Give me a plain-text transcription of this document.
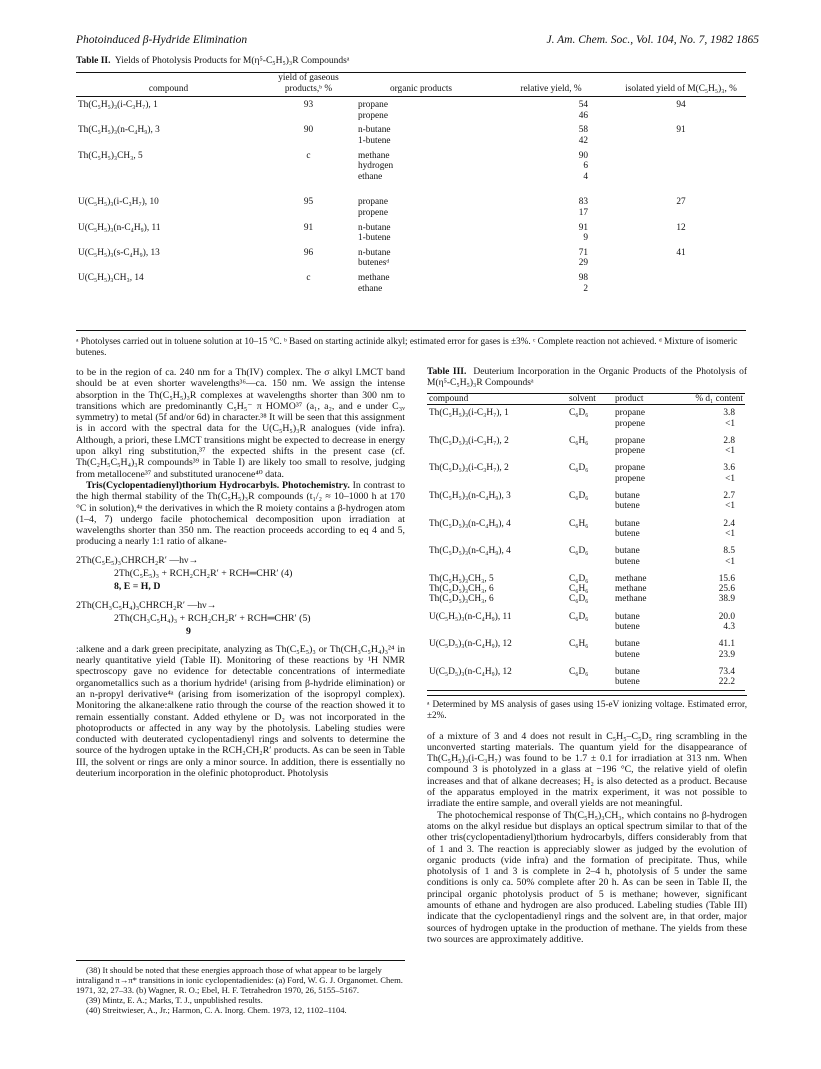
Photoinduced β-Hydride Elimination	J. Am. Chem. Soc., Vol. 104, No. 7, 1982 1865
Table II. Yields of Photolysis Products for M(η⁵-C₅H₅)₃R Compoundsᵃ
compound	yield of gaseous products,ᵇ %	organic products	relative yield, %	isolated yield of M(C₅H₅)₃, %
Th(C₅H₅)₃(i-C₃H₇), 1	93	propane	54	94
		propene	46	

Th(C₅H₅)₃(n-C₄H₉), 3	90	n-butane	58	91
		1-butene	42	

Th(C₅H₅)₃CH₃, 5	c	methane	90	
		hydrogen	6	
		ethane	4	

U(C₅H₅)₃(i-C₃H₇), 10	95	propane	83	27
		propene	17	

U(C₅H₅)₃(n-C₄H₉), 11	91	n-butane	91	12
		1-butene	9	

U(C₅H₅)₃(s-C₄H₉), 13	96	n-butane	71	41
		butenesᵈ	29	

U(C₅H₅)₃CH₃, 14	c	methane	98	
		ethane	2	
ᵃ Photolyses carried out in toluene solution at 10–15 °C. ᵇ Based on starting actinide alkyl; estimated error for gases is ±3%. ᶜ Complete reaction not achieved. ᵈ Mixture of isomeric butenes.

to be in the region of ca. 240 nm for a Th(IV) complex. The σ alkyl LMCT band should be at even shorter wavelengths³⁶—ca. 150 nm. We assign the intense absorption in the Th(C₅H₅)₃R complexes at wavelengths shorter than 300 nm to transitions which are predominantly C₅H₅⁻ π HOMO³⁷ (a₁, a₂, and e under C₃ᵥ symmetry) to metal (5f and/or 6d) in character.³⁸ It will be seen that this assignment is in accord with the spectral data for the U(C₅H₅)₃R analogues (vide infra). Although, a priori, these LMCT transitions might be expected to decrease in energy upon alkyl ring substitution,³⁷ the expected shifts in the present case (cf. Th(C₂H₅C₅H₄)₃R compounds³⁹ in Table I) are likely too small to resolve, judging from metallocene³⁷ and substituted uranocene⁴⁰ data.

Tris(Cyclopentadienyl)thorium Hydrocarbyls. Photochemistry. In contrast to the high thermal stability of the Th(C₅H₅)₃R compounds (t₁/₂ ≈ 10–1000 h at 170 °C in solution),⁴ᵃ the derivatives in which the R moiety contains a β-hydrogen atom (1–4, 7) undergo facile photochemical decomposition upon irradiation at wavelengths shorter than 350 nm. The reaction proceeds according to eq 4 and 5, producing a nearly 1:1 ratio of alkane-

2Th(C₅E₅)₃CHRCH₂R′ —hν→
2Th(C₅E₅)₃ + RCH₂CH₂R′ + RCH═CHR′ (4)
8, E = H, D
2Th(CH₃C₅H₄)₃CHRCH₂R′ —hν→
2Th(CH₃C₅H₄)₃ + RCH₂CH₂R′ + RCH═CHR′ (5)
9

:alkene and a dark green precipitate, analyzing as Th(C₅E₅)₃ or Th(CH₃C₅H₄)₃²⁴ in nearly quantitative yield (Table II). Monitoring of these reactions by ¹H NMR spectroscopy gave no evidence for detectable concentrations of intermediate organometallics such as a thorium hydride¹ (arising from β-hydride elimination) or an n-propyl derivative⁴ᵃ (arising from isomerization of the isopropyl complex). Monitoring the alkane:alkene ratio through the course of the reaction showed it to remain essentially constant. Added ethylene or D₂ was not incorporated in the photoproducts or affected in any way by the photolysis. Labeling studies were conducted with deuterated cyclopentadienyl rings and solvents to determine the source of the hydrogen uptake in the RCH₂CH₂R′ products. As can be seen in Table III, the solvent or rings are only a minor source. In addition, there is essentially no deuterium incorporation in the olefinic photoproduct. Photolysis

(38) It should be noted that these energies approach those of what appear to be largely intraligand π→π* transitions in ionic cyclopentadienides: (a) Ford, W. G. J. Organomet. Chem. 1971, 32, 27–33. (b) Wagner, R. O.; Ebel, H. F. Tetrahedron 1970, 26, 5155–5167.

(39) Mintz, E. A.; Marks, T. J., unpublished results.

(40) Streitwieser, A., Jr.; Harmon, C. A. Inorg. Chem. 1973, 12, 1102–1104.

Table III. Deuterium Incorporation in the Organic Products of the Photolysis of M(η⁵-C₅H₅)₃R Compoundsᵃ
compound	solvent	product	% d₁ content
Th(C₅H₅)₃(i-C₃H₇), 1	C₆D₆	propane	3.8
		propene	<1

Th(C₅D₅)₃(i-C₃H₇), 2	C₆H₆	propane	2.8
		propene	<1

Th(C₅D₅)₃(i-C₃H₇), 2	C₆D₆	propane	3.6
		propene	<1

Th(C₅H₅)₃(n-C₄H₉), 3	C₆D₆	butane	2.7
		butene	<1

Th(C₅D₅)₃(n-C₄H₉), 4	C₆H₆	butane	2.4
		butene	<1

Th(C₅D₅)₃(n-C₄H₉), 4	C₆D₆	butane	8.5
		butene	<1

Th(C₅H₅)₃CH₃, 5	C₆D₆	methane	15.6
Th(C₅D₅)₃CH₃, 6	C₆H₆	methane	25.6
Th(C₅D₅)₃CH₃, 6	C₆D₆	methane	38.9

U(C₅H₅)₃(n-C₄H₉), 11	C₆D₆	butane	20.0
		butene	4.3

U(C₅D₅)₃(n-C₄H₉), 12	C₆H₆	butane	41.1
		butene	23.9

U(C₅D₅)₃(n-C₄H₉), 12	C₆D₆	butane	73.4
		butene	22.2
ᵃ Determined by MS analysis of gases using 15-eV ionizing voltage. Estimated error, ±2%.

of a mixture of 3 and 4 does not result in C₅H₅–C₅D₅ ring scrambling in the unconverted starting materials. The quantum yield for the disappearance of Th(C₅H₅)₃(i-C₃H₇) was found to be 1.7 ± 0.1 for irradiation at 313 nm. When compound 3 is photolyzed in a glass at −196 °C, the relative yield of olefin increases and that of alkane decreases; H₂ is also detected as a product. Because of the apparatus employed in the matrix experiment, it was not possible to irradiate the entire sample, and overall yields are not meaningful.

The photochemical response of Th(C₅H₅)₃CH₃, which contains no β-hydrogen atoms on the alkyl residue but displays an optical spectrum similar to that of the other tris(cyclopentadienyl)thorium hydrocarbyls, differs considerably from that of 1 and 3. The reaction is appreciably slower as judged by the evolution of organic products (vide infra) and the formation of precipitate. Thus, while photolysis of 1 and 3 is complete in 2–4 h, photolysis of 5 under the same conditions is only ca. 50% complete after 20 h. As can be seen in Table II, the principal organic photolysis product of 5 is methane; however, significant amounts of ethane and hydrogen are also produced. Labeling studies (Table III) indicate that the cyclopentadienyl rings and the solvent are, in that order, major sources of hydrogen uptake in the production of methane. The yields from these two sources are approximately additive.
